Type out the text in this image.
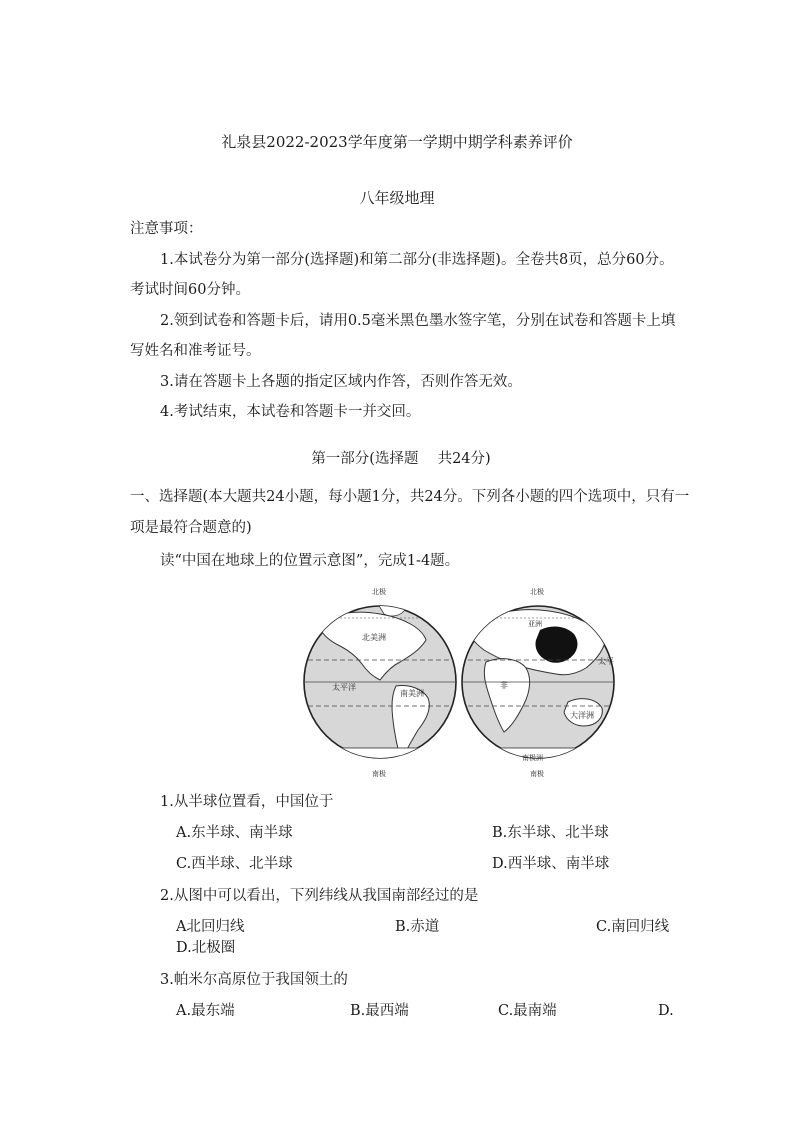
礼泉县2022-2023学年度第一学期中期学科素养评价
八年级地理
注意事项：
1.本试卷分为第一部分(选择题)和第二部分(非选择题)。全卷共8页，总分60分。
考试时间60分钟。
2.领到试卷和答题卡后，请用0.5毫米黑色墨水签字笔，分别在试卷和答题卡上填
写姓名和准考证号。
3.请在答题卡上各题的指定区域内作答，否则作答无效。
4.考试结束，本试卷和答题卡一并交回。
第一部分(选择题　 共24分)
一、选择题(本大题共24小题，每小题1分，共24分。下列各小题的四个选项中，只有一
项是最符合题意的)
读“中国在地球上的位置示意图”，完成1-4题。
北美洲
太平洋
南美洲
亚洲
非
太平
大洋洲
南极洲
北极	北极
南极	南极
1.从半球位置看，中国位于
A.东半球、南半球	B.东半球、北半球
C.西半球、北半球	D.西半球、南半球
2.从图中可以看出，下列纬线从我国南部经过的是
A北回归线	B.赤道	C.南回归线
D.北极圈
3.帕米尔高原位于我国领土的
A.最东端	B.最西端	C.最南端	D.
